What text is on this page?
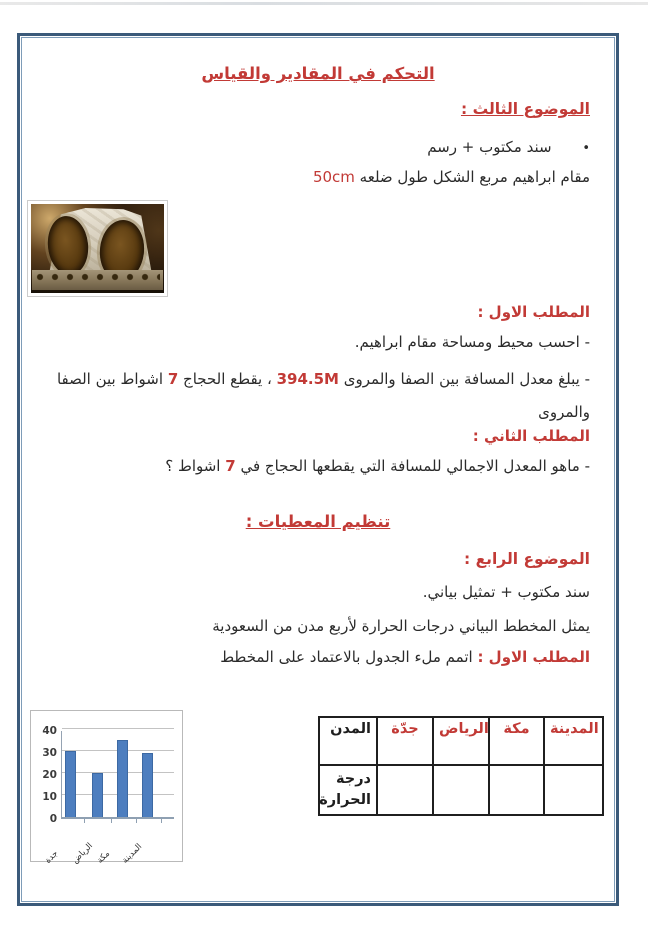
التحكم في المقادير والقياس
الموضوع الثالث :
• سند مكتوب + رسم
مقام ابراهيم مربع الشكل طول ضلعه 50cm
المطلب الاول :
- احسب محيط ومساحة مقام ابراهيم.
- يبلغ معدل المسافة بين الصفا والمروى 394.5M ، يقطع الحجاج 7 اشواط بين الصفا والمروى
المطلب الثاني :
- ماهو المعدل الاجمالي للمسافة التي يقطعها الحجاج في 7 اشواط ؟
تنظيم المعطيات :
الموضوع الرابع :
سند مكتوب + تمثيل بياني.
يمثل المخطط البياني درجات الحرارة لأربع مدن من السعودية
المطلب الاول : اتمم ملء الجدول بالاعتماد على المخطط
0
10
20
30
40
جدة	الرياض مكة المدينة
المدن	جدّة	الرياض	مكة	المدينة
درجة الحرارة				
